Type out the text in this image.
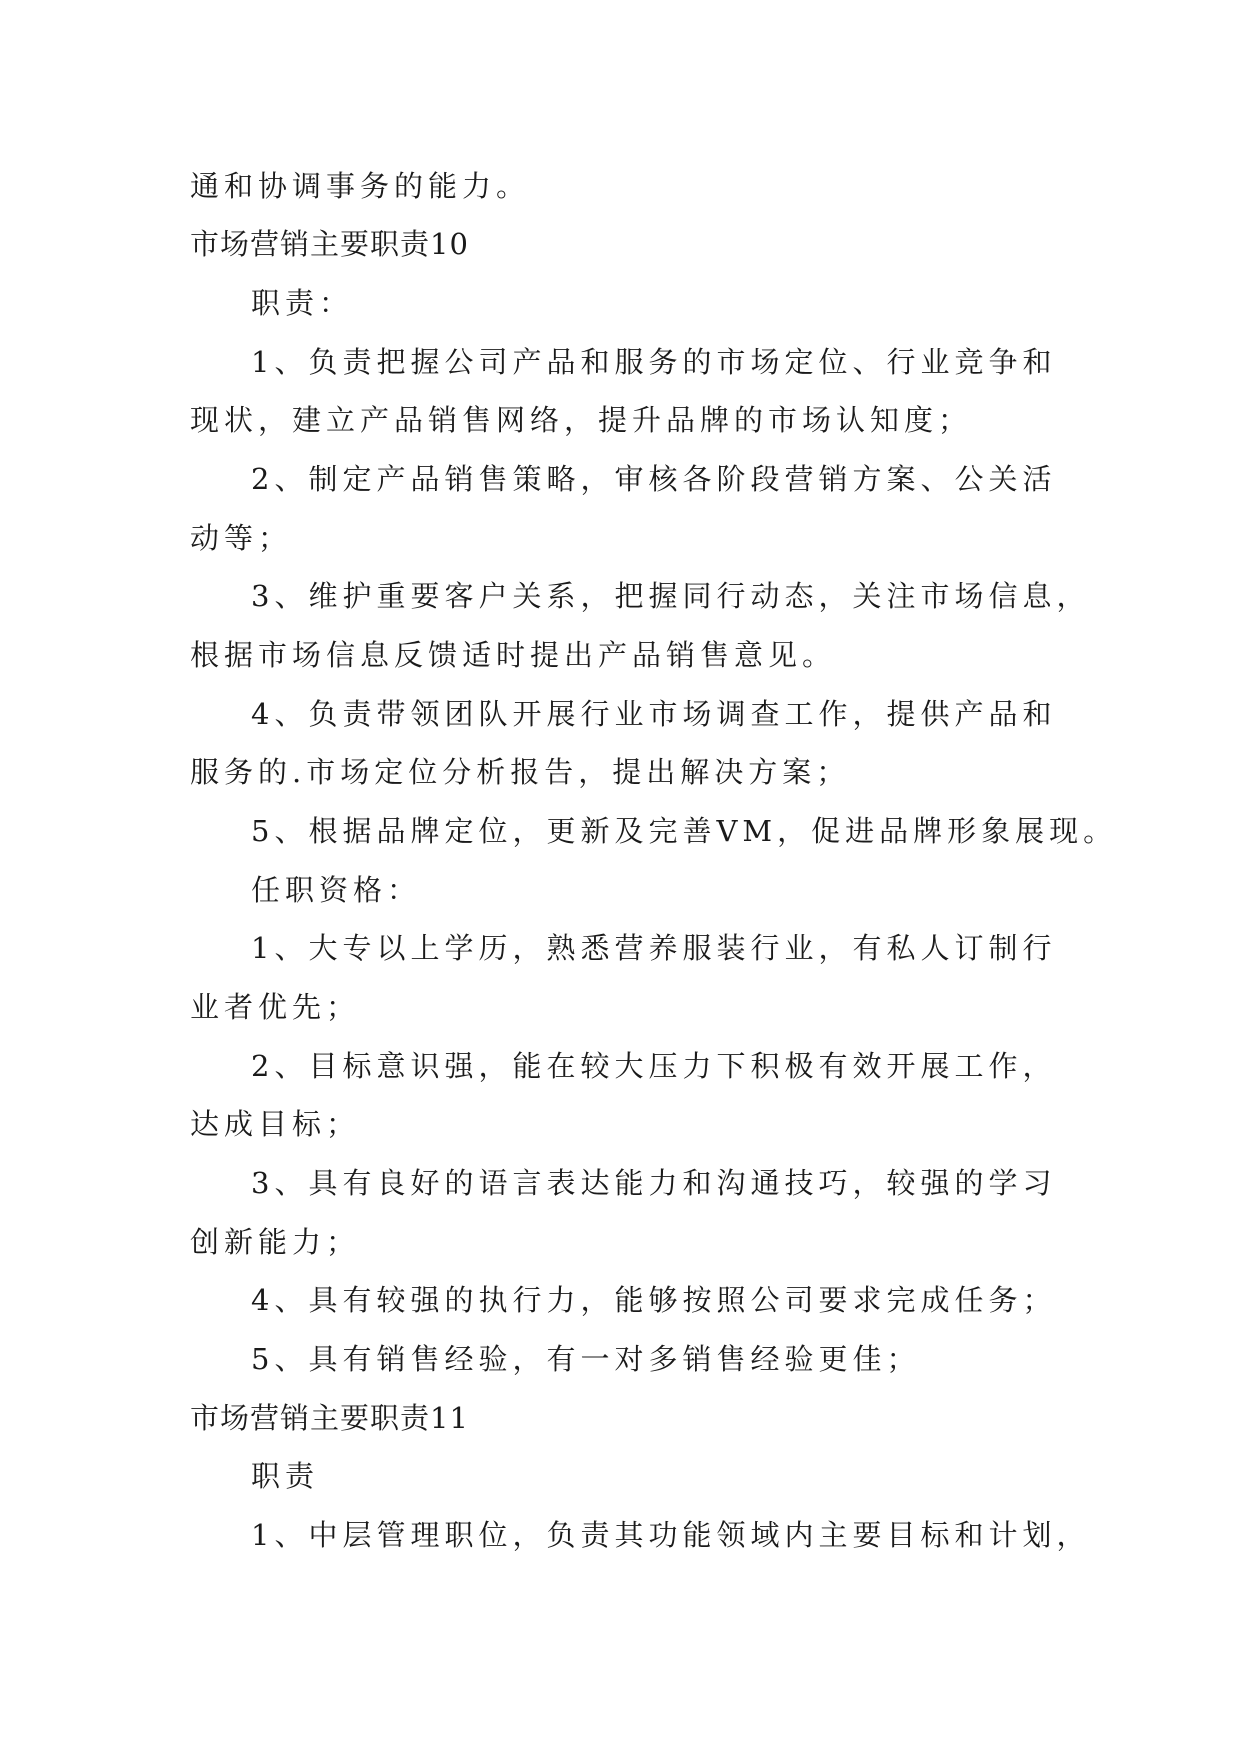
通和协调事务的能力。
市场营销主要职责10
职责：
1、负责把握公司产品和服务的市场定位、行业竞争和
现状，建立产品销售网络，提升品牌的市场认知度；
2、制定产品销售策略，审核各阶段营销方案、公关活
动等；
3、维护重要客户关系，把握同行动态，关注市场信息，
根据市场信息反馈适时提出产品销售意见。
4、负责带领团队开展行业市场调查工作，提供产品和
服务的.市场定位分析报告，提出解决方案；
5、根据品牌定位，更新及完善VM，促进品牌形象展现。
任职资格：
1、大专以上学历，熟悉营养服装行业，有私人订制行
业者优先；
2、目标意识强，能在较大压力下积极有效开展工作，
达成目标；
3、具有良好的语言表达能力和沟通技巧，较强的学习
创新能力；
4、具有较强的执行力，能够按照公司要求完成任务；
5、具有销售经验，有一对多销售经验更佳；
市场营销主要职责11
职责
1、中层管理职位，负责其功能领域内主要目标和计划，
